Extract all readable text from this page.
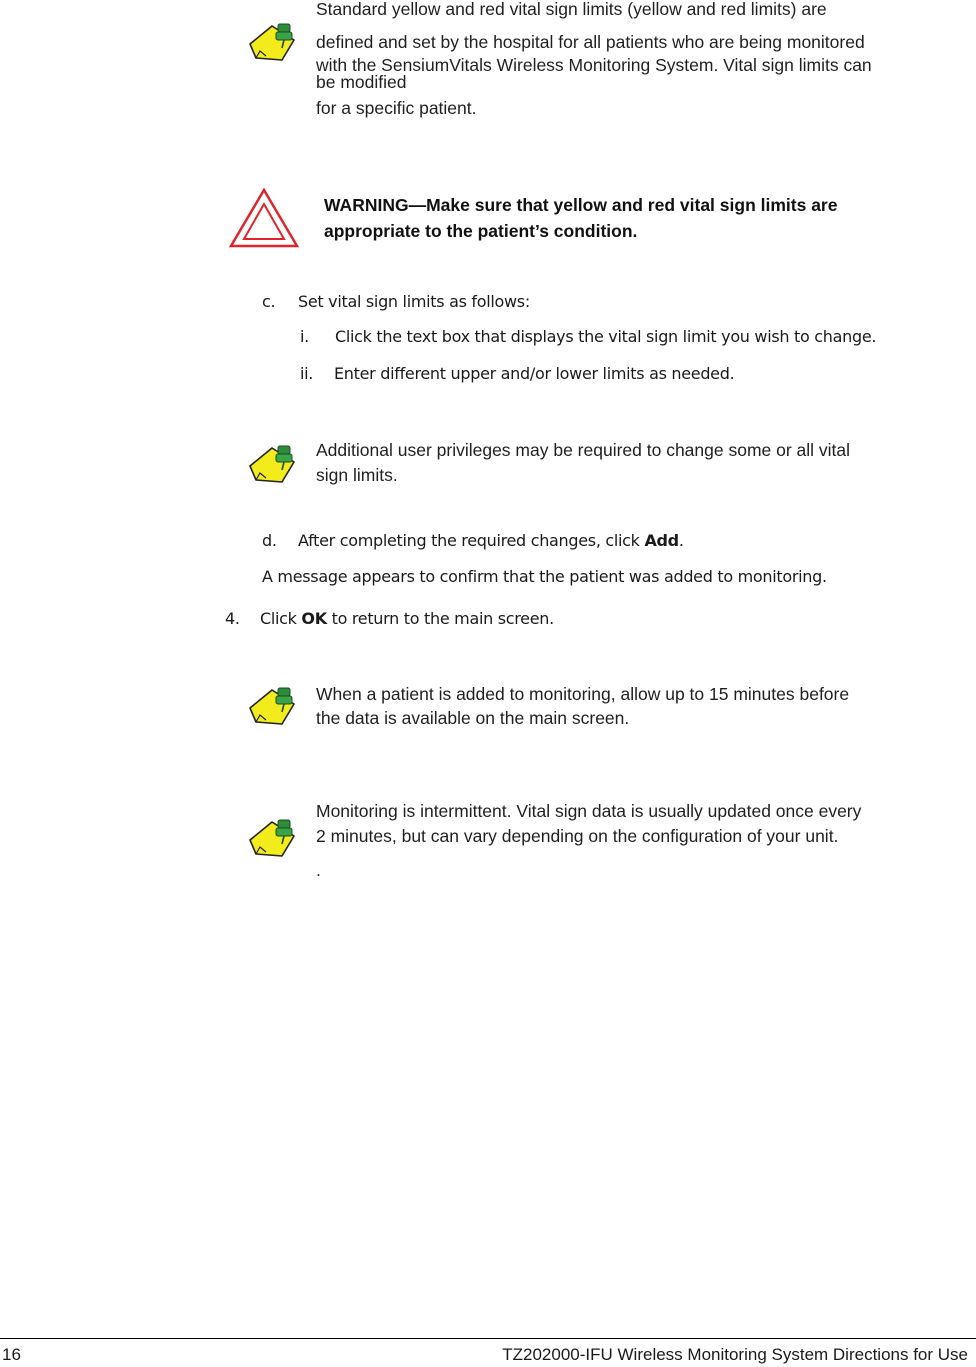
Standard yellow and red vital sign limits (yellow and red limits) are
defined and set by the hospital for all patients who are being monitored
with the SensiumVitals Wireless Monitoring System. Vital sign limits can
be modified
for a specific patient.
WARNING—Make sure that yellow and red vital sign limits are
appropriate to the patient’s condition.
c. Set vital sign limits as follows:
i. Click the text box that displays the vital sign limit you wish to change.
ii. Enter different upper and/or lower limits as needed.
Additional user privileges may be required to change some or all vital
sign limits.
d. After completing the required changes, click Add.
A message appears to confirm that the patient was added to monitoring.
4. Click OK to return to the main screen.
When a patient is added to monitoring, allow up to 15 minutes before
the data is available on the main screen.
Monitoring is intermittent. Vital sign data is usually updated once every
2 minutes, but can vary depending on the configuration of your unit.
.
16	TZ202000-IFU Wireless Monitoring System Directions for Use
